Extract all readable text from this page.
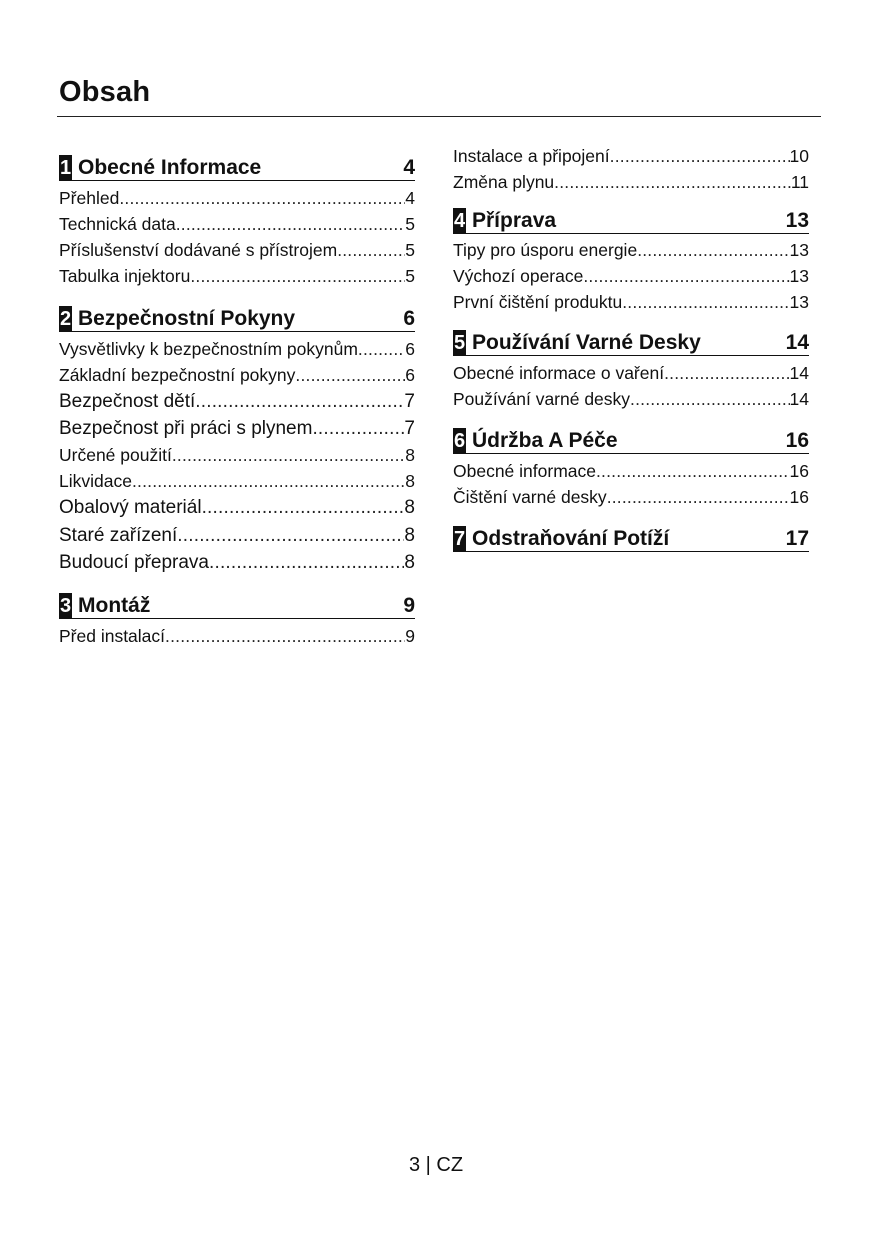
Obsah
1 Obecné Informace	4
Přehled .....	4
Technická data .....	5
Příslušenství dodávané s přístrojem .....	5
Tabulka injektoru .....	5
2 Bezpečnostní Pokyny	6
Vysvětlivky k bezpečnostním pokynům .....	6
Základní bezpečnostní pokyny .....	6
Bezpečnost dětí .....	7
Bezpečnost při práci s plynem .....	7
Určené použití .....	8
Likvidace .....	8
Obalový materiál .....	8
Staré zařízení .....	8
Budoucí přeprava .....	8
3 Montáž	9
Před instalací .....	9
Instalace a připojení .....	10
Změna plynu .....	11
4 Příprava	13
Tipy pro úsporu energie .....	13
Výchozí operace .....	13
První čištění produktu .....	13
5 Používání Varné Desky	14
Obecné informace o vaření .....	14
Používání varné desky .....	14
6 Údržba A Péče	16
Obecné informace .....	16
Čištění varné desky .....	16
7 Odstraňování Potíží	17
3 | CZ
